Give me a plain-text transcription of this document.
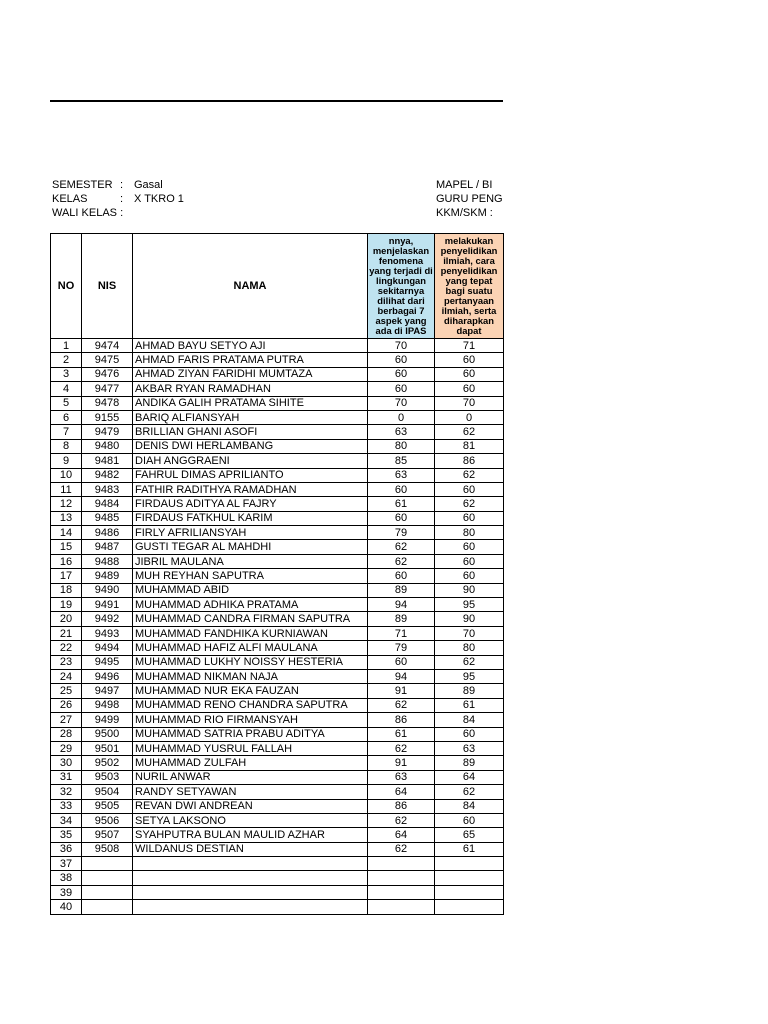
SEMESTER : Gasal
KELAS	: X TKRO 1
WALI KELAS :
MAPEL / BI
GURU PENG
KKM/SKM :
NO	NIS	NAMA	nnya, menjelaskan fenomena yang terjadi di lingkungan sekitarnya dilihat dari berbagai 7 aspek yang ada di IPAS	melakukan penyelidikan ilmiah, cara penyelidikan yang tepat bagi suatu pertanyaan ilmiah, serta diharapkan dapat

1	9474	AHMAD BAYU SETYO AJI	70	71
2	9475	AHMAD FARIS PRATAMA PUTRA	60	60
3	9476	AHMAD ZIYAN FARIDHI MUMTAZA	60	60
4	9477	AKBAR RYAN RAMADHAN	60	60
5	9478	ANDIKA GALIH PRATAMA SIHITE	70	70
6	9155	BARIQ ALFIANSYAH	0	0
7	9479	BRILLIAN GHANI ASOFI	63	62
8	9480	DENIS DWI HERLAMBANG	80	81
9	9481	DIAH ANGGRAENI	85	86
10	9482	FAHRUL DIMAS APRILIANTO	63	62
11	9483	FATHIR RADITHYA RAMADHAN	60	60
12	9484	FIRDAUS ADITYA AL FAJRY	61	62
13	9485	FIRDAUS FATKHUL KARIM	60	60
14	9486	FIRLY AFRILIANSYAH	79	80
15	9487	GUSTI TEGAR AL MAHDHI	62	60
16	9488	JIBRIL MAULANA	62	60
17	9489	MUH REYHAN SAPUTRA	60	60
18	9490	MUHAMMAD ABID	89	90
19	9491	MUHAMMAD ADHIKA PRATAMA	94	95
20	9492	MUHAMMAD CANDRA FIRMAN SAPUTRA	89	90
21	9493	MUHAMMAD FANDHIKA KURNIAWAN	71	70
22	9494	MUHAMMAD HAFIZ ALFI MAULANA	79	80
23	9495	MUHAMMAD LUKHY NOISSY HESTERIA	60	62
24	9496	MUHAMMAD NIKMAN NAJA	94	95
25	9497	MUHAMMAD NUR EKA FAUZAN	91	89
26	9498	MUHAMMAD RENO CHANDRA SAPUTRA	62	61
27	9499	MUHAMMAD RIO FIRMANSYAH	86	84
28	9500	MUHAMMAD SATRIA PRABU ADITYA	61	60
29	9501	MUHAMMAD YUSRUL FALLAH	62	63
30	9502	MUHAMMAD ZULFAH	91	89
31	9503	NURIL ANWAR	63	64
32	9504	RANDY SETYAWAN	64	62
33	9505	REVAN DWI ANDREAN	86	84
34	9506	SETYA LAKSONO	62	60
35	9507	SYAHPUTRA BULAN MAULID AZHAR	64	65
36	9508	WILDANUS DESTIAN	62	61
37				
38				
39				
40				
